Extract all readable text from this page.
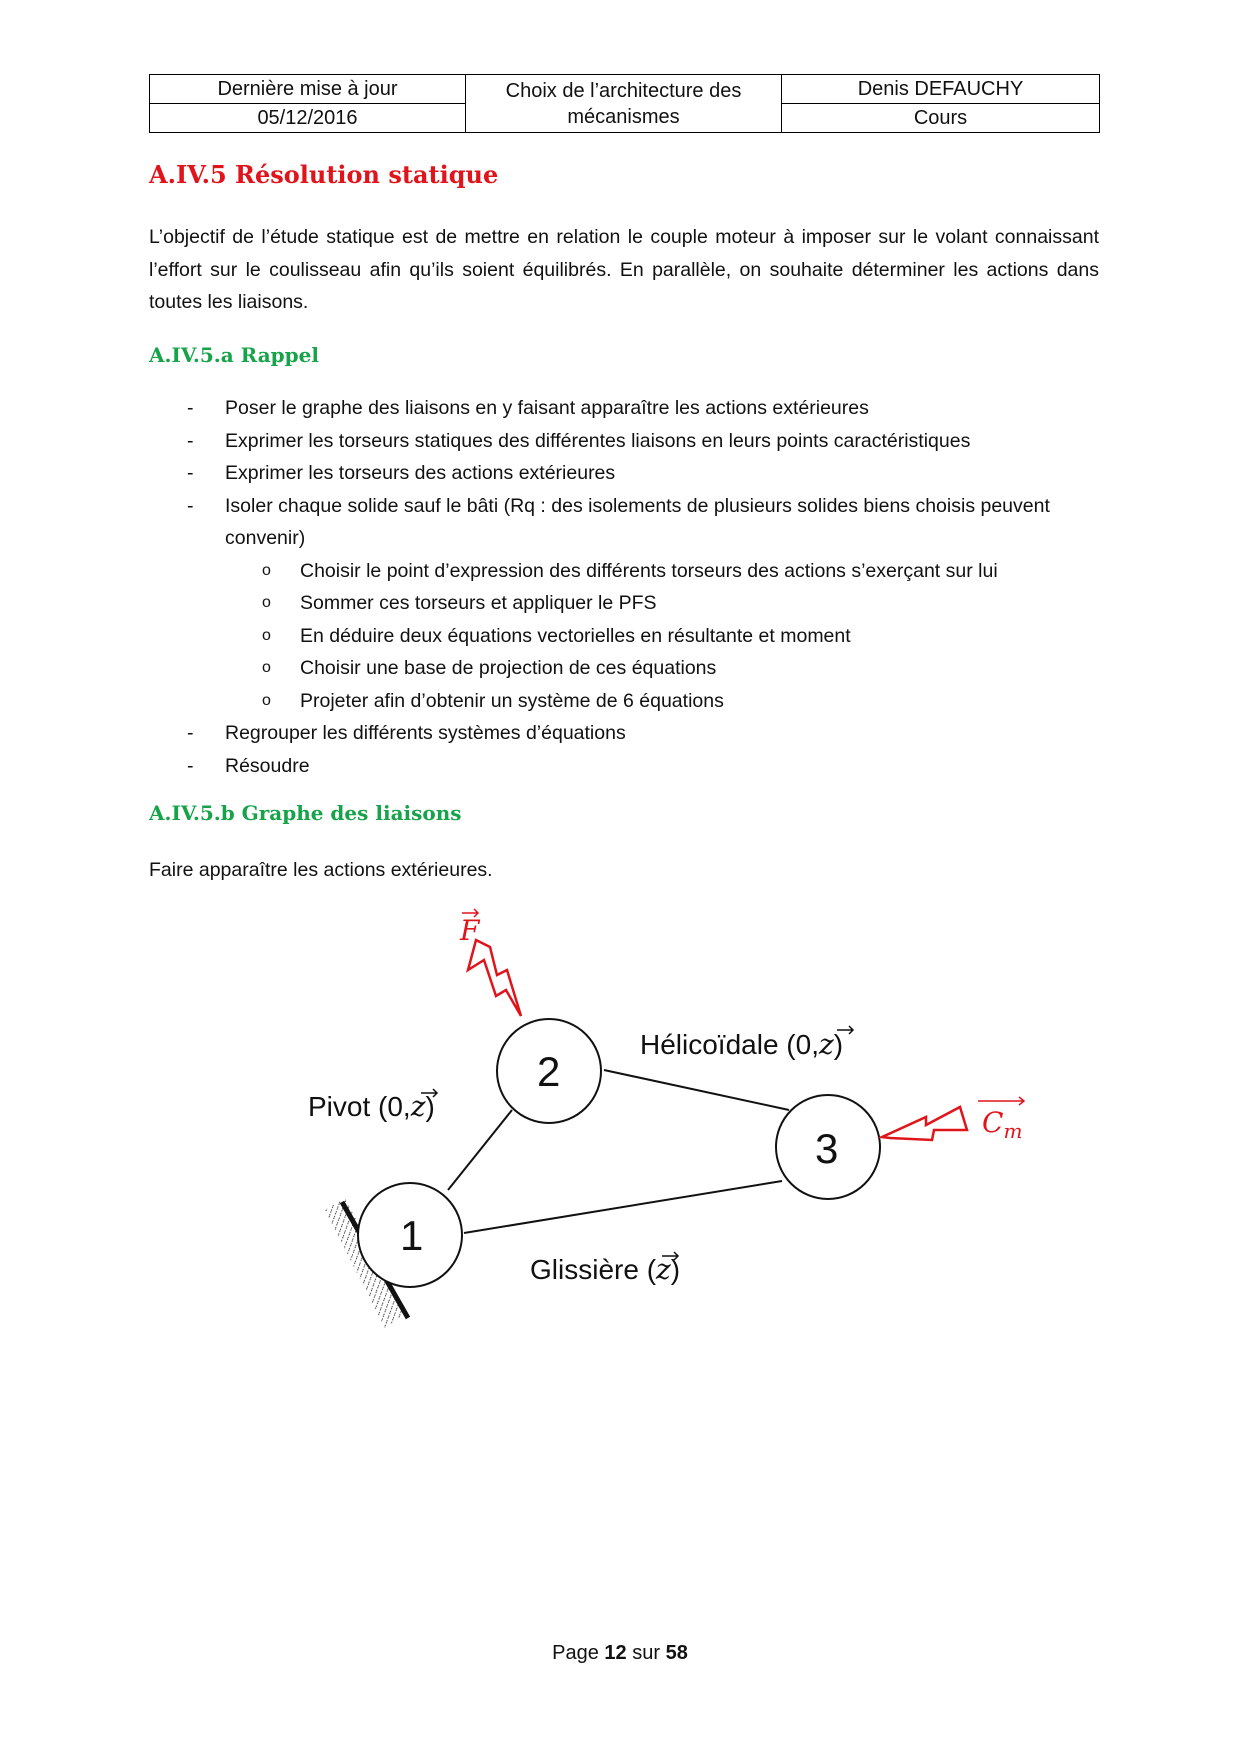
Dernière mise à jour	Choix de l’architecture des mécanismes	Denis DEFAUCHY
05/12/2016		Cours
A.IV.5 Résolution statique

L’objectif de l’étude statique est de mettre en relation le couple moteur à imposer sur le volant connaissant l’effort sur le coulisseau afin qu’ils soient équilibrés. En parallèle, on souhaite déterminer les actions dans toutes les liaisons.

A.IV.5.a Rappel
- Poser le graphe des liaisons en y faisant apparaître les actions extérieures
- Exprimer les torseurs statiques des différentes liaisons en leurs points caractéristiques
- Exprimer les torseurs des actions extérieures
- Isoler chaque solide sauf le bâti (Rq : des isolements de plusieurs solides biens choisis peuvent convenir)
o Choisir le point d’expression des différents torseurs des actions s’exerçant sur lui
o Sommer ces torseurs et appliquer le PFS
o En déduire deux équations vectorielles en résultante et moment
o Choisir une base de projection de ces équations
o Projeter afin d’obtenir un système de 6 équations
- Regrouper les différents systèmes d’équations
- Résoudre
A.IV.5.b Graphe des liaisons

Faire apparaître les actions extérieures.

1
2
3
Pivot (0,z)
Hélicoïdale (0,z)
Glissière (z)
F
$C_m$
Page 12 sur 58
